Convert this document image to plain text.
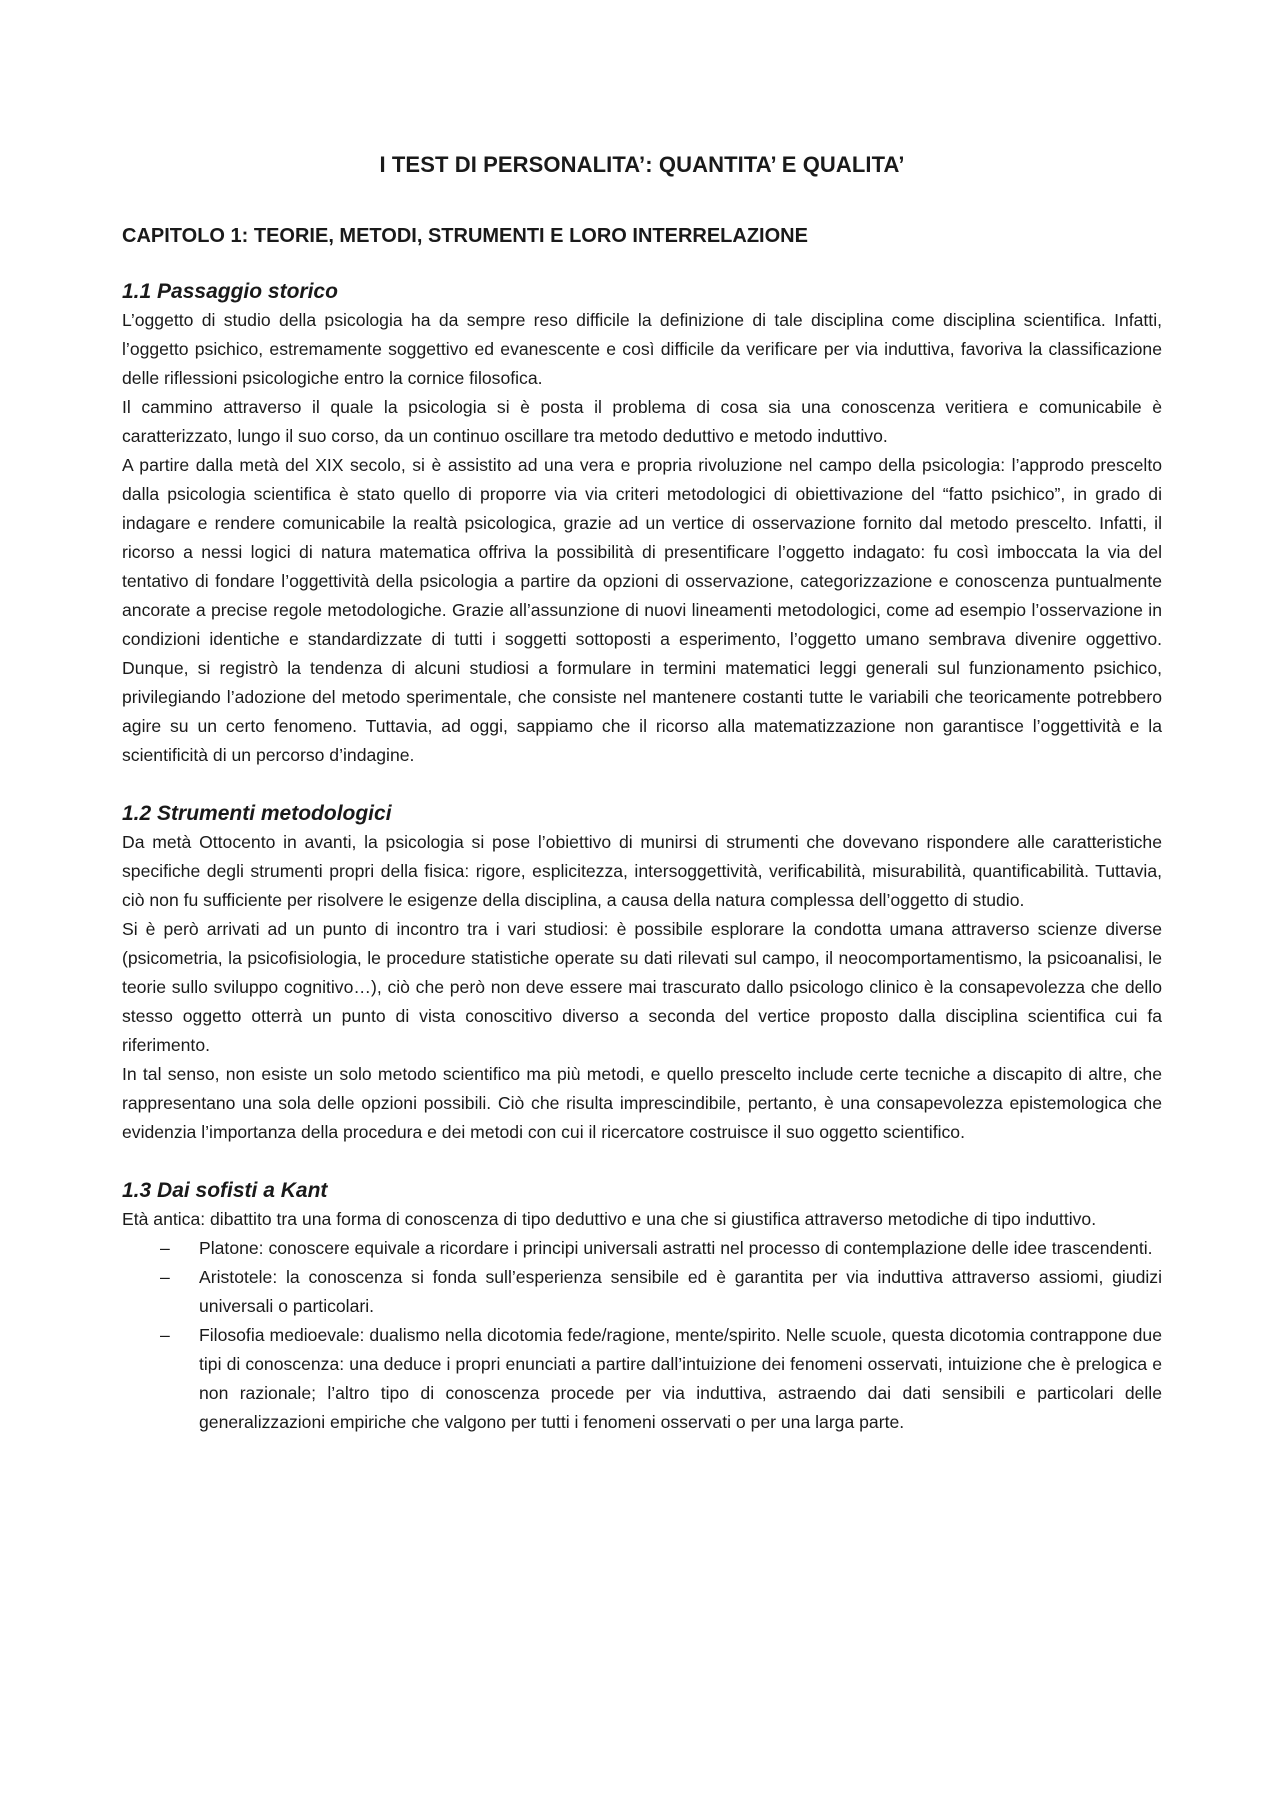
I TEST DI PERSONALITA’: QUANTITA’ E QUALITA’
CAPITOLO 1: TEORIE, METODI, STRUMENTI E LORO INTERRELAZIONE
1.1 Passaggio storico

L’oggetto di studio della psicologia ha da sempre reso difficile la definizione di tale disciplina come disciplina scientifica. Infatti, l’oggetto psichico, estremamente soggettivo ed evanescente e così difficile da verificare per via induttiva, favoriva la classificazione delle riflessioni psicologiche entro la cornice filosofica.

Il cammino attraverso il quale la psicologia si è posta il problema di cosa sia una conoscenza veritiera e comunicabile è caratterizzato, lungo il suo corso, da un continuo oscillare tra metodo deduttivo e metodo induttivo.

A partire dalla metà del XIX secolo, si è assistito ad una vera e propria rivoluzione nel campo della psicologia: l’approdo prescelto dalla psicologia scientifica è stato quello di proporre via via criteri metodologici di obiettivazione del “fatto psichico”, in grado di indagare e rendere comunicabile la realtà psicologica, grazie ad un vertice di osservazione fornito dal metodo prescelto. Infatti, il ricorso a nessi logici di natura matematica offriva la possibilità di presentificare l’oggetto indagato: fu così imboccata la via del tentativo di fondare l’oggettività della psicologia a partire da opzioni di osservazione, categorizzazione e conoscenza puntualmente ancorate a precise regole metodologiche. Grazie all’assunzione di nuovi lineamenti metodologici, come ad esempio l’osservazione in condizioni identiche e standardizzate di tutti i soggetti sottoposti a esperimento, l’oggetto umano sembrava divenire oggettivo. Dunque, si registrò la tendenza di alcuni studiosi a formulare in termini matematici leggi generali sul funzionamento psichico, privilegiando l’adozione del metodo sperimentale, che consiste nel mantenere costanti tutte le variabili che teoricamente potrebbero agire su un certo fenomeno. Tuttavia, ad oggi, sappiamo che il ricorso alla matematizzazione non garantisce l’oggettività e la scientificità di un percorso d’indagine.

1.2 Strumenti metodologici

Da metà Ottocento in avanti, la psicologia si pose l’obiettivo di munirsi di strumenti che dovevano rispondere alle caratteristiche specifiche degli strumenti propri della fisica: rigore, esplicitezza, intersoggettività, verificabilità, misurabilità, quantificabilità. Tuttavia, ciò non fu sufficiente per risolvere le esigenze della disciplina, a causa della natura complessa dell’oggetto di studio.

Si è però arrivati ad un punto di incontro tra i vari studiosi: è possibile esplorare la condotta umana attraverso scienze diverse (psicometria, la psicofisiologia, le procedure statistiche operate su dati rilevati sul campo, il neocomportamentismo, la psicoanalisi, le teorie sullo sviluppo cognitivo…), ciò che però non deve essere mai trascurato dallo psicologo clinico è la consapevolezza che dello stesso oggetto otterrà un punto di vista conoscitivo diverso a seconda del vertice proposto dalla disciplina scientifica cui fa riferimento.

In tal senso, non esiste un solo metodo scientifico ma più metodi, e quello prescelto include certe tecniche a discapito di altre, che rappresentano una sola delle opzioni possibili. Ciò che risulta imprescindibile, pertanto, è una consapevolezza epistemologica che evidenzia l’importanza della procedura e dei metodi con cui il ricercatore costruisce il suo oggetto scientifico.

1.3 Dai sofisti a Kant

Età antica: dibattito tra una forma di conoscenza di tipo deduttivo e una che si giustifica attraverso metodiche di tipo induttivo.

– Platone: conoscere equivale a ricordare i principi universali astratti nel processo di contemplazione delle idee trascendenti.
– Aristotele: la conoscenza si fonda sull’esperienza sensibile ed è garantita per via induttiva attraverso assiomi, giudizi universali o particolari.
– Filosofia medioevale: dualismo nella dicotomia fede/ragione, mente/spirito. Nelle scuole, questa dicotomia contrappone due tipi di conoscenza: una deduce i propri enunciati a partire dall’intuizione dei fenomeni osservati, intuizione che è prelogica e non razionale; l’altro tipo di conoscenza procede per via induttiva, astraendo dai dati sensibili e particolari delle generalizzazioni empiriche che valgono per tutti i fenomeni osservati o per una larga parte.
